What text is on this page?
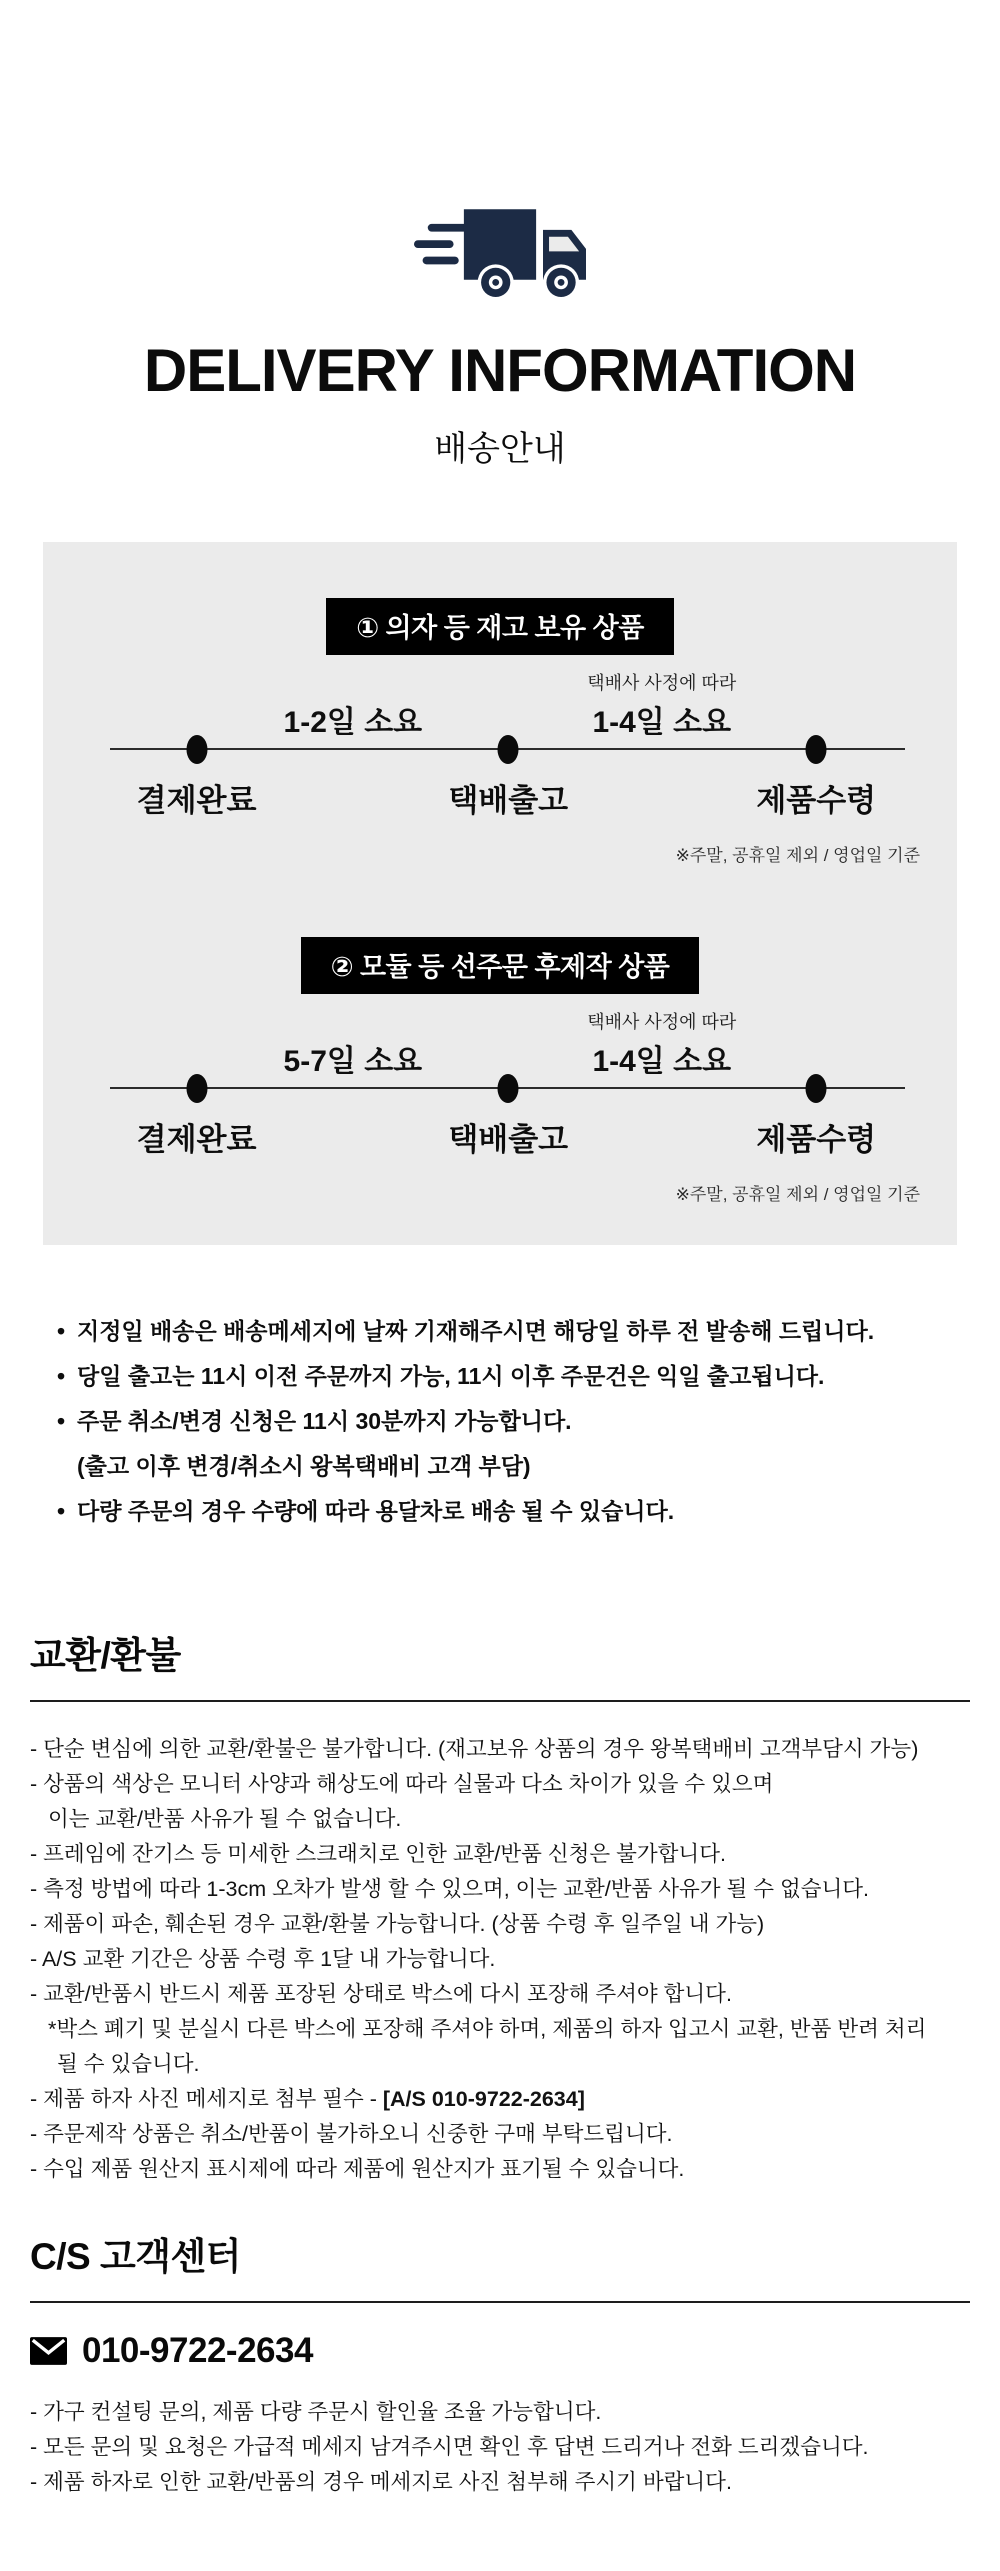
DELIVERY INFORMATION
배송안내
① 의자 등 재고 보유 상품
택배사 사정에 따라
1-2일 소요	1-4일 소요
결제완료	택배출고	제품수령
※주말, 공휴일 제외 / 영업일 기준
② 모듈 등 선주문 후제작 상품
택배사 사정에 따라
5-7일 소요	1-4일 소요
결제완료	택배출고	제품수령
※주말, 공휴일 제외 / 영업일 기준
• 지정일 배송은 배송메세지에 날짜 기재해주시면 해당일 하루 전 발송해 드립니다.
• 당일 출고는 11시 이전 주문까지 가능, 11시 이후 주문건은 익일 출고됩니다.
• 주문 취소/변경 신청은 11시 30분까지 가능합니다.
(출고 이후 변경/취소시 왕복택배비 고객 부담)
• 다량 주문의 경우 수량에 따라 용달차로 배송 될 수 있습니다.
교환/환불
- 단순 변심에 의한 교환/환불은 불가합니다. (재고보유 상품의 경우 왕복택배비 고객부담시 가능)
- 상품의 색상은 모니터 사양과 해상도에 따라 실물과 다소 차이가 있을 수 있으며
이는 교환/반품 사유가 될 수 없습니다.
- 프레임에 잔기스 등 미세한 스크래치로 인한 교환/반품 신청은 불가합니다.
- 측정 방법에 따라 1-3cm 오차가 발생 할 수 있으며, 이는 교환/반품 사유가 될 수 없습니다.
- 제품이 파손, 훼손된 경우 교환/환불 가능합니다. (상품 수령 후 일주일 내 가능)
- A/S 교환 기간은 상품 수령 후 1달 내 가능합니다.
- 교환/반품시 반드시 제품 포장된 상태로 박스에 다시 포장해 주셔야 합니다.
*박스 폐기 및 분실시 다른 박스에 포장해 주셔야 하며, 제품의 하자 입고시 교환, 반품 반려 처리
될 수 있습니다.
- 제품 하자 사진 메세지로 첨부 필수 - [A/S 010-9722-2634]
- 주문제작 상품은 취소/반품이 불가하오니 신중한 구매 부탁드립니다.
- 수입 제품 원산지 표시제에 따라 제품에 원산지가 표기될 수 있습니다.
C/S 고객센터
010-9722-2634
- 가구 컨설팅 문의, 제품 다량 주문시 할인율 조율 가능합니다.
- 모든 문의 및 요청은 가급적 메세지 남겨주시면 확인 후 답변 드리거나 전화 드리겠습니다.
- 제품 하자로 인한 교환/반품의 경우 메세지로 사진 첨부해 주시기 바랍니다.
